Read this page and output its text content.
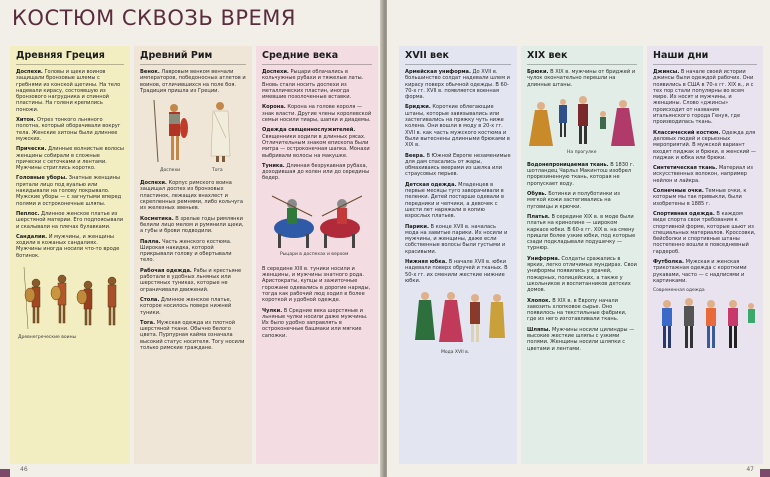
КОСТЮМ СКВОЗЬ ВРЕМЯ
Древняя Греция

Доспехи. Головы и щеки воинов защищали бронзовые шлемы с гребнями из конской щетины. На тело надевали кирасу, состоявшую из бронзового нагрудника и спинной пластины. На голени крепились поножи.

Хитон. Отрез тонкого льняного полотна, который оборачивали вокруг тела. Женские хитоны были длиннее мужских.

Прически. Длинные волнистые волосы женщины собирали в сложные прически с сеточками и лентами. Мужчины стриглись коротко.

Головные уборы. Знатные женщины прятали лицо под вуалью или накидывали на голову покрывало. Мужские уборы — с загнутыми вперед полями и остроконечные шляпы.

Пеплос. Длинное женское платье из шерстяной материи. Его подпоясывали и скалывали на плечах булавками.

Сандалии. И мужчины, и женщины ходили в кожаных сандалиях. Мужчины иногда носили что-то вроде ботинок.

Древнегреческие воины
Древний Рим

Венок. Лавровым венком венчали императоров, победоносных атлетов и воинов, отличившихся на поле боя. Традиция пришла из Греции.

Доспехи	Тога

Доспехи. Корпус римского воина защищал доспех из бронзовых пластинок, лежащих внахлест и скрепленных ремнями, либо кольчуга из железных звеньев.

Косметика. В зрелые годы римлянки белили лицо мелом и румянили щеки, а губы и брови подводили.

Палла. Часть женского костюма. Широкая накидка, которой прикрывали голову и обертывали тело.

Рабочая одежда. Рабы и крестьяне работали в удобных льняных или шерстяных туниках, которые не ограничивали движений.

Стола. Длинное женское платье, которое носилось поверх нижней туники.

Тога. Мужская одежда из плотной шерстяной ткани. Обычно белого цвета. Пурпурная кайма означала высокий статус носителя. Тогу носили только римские граждане.

Средние века

Доспехи. Рыцари облачались в кольчужные рубахи и тяжелые латы. Вновь стали носить доспехи из металлических пластин, иногда имевшие позолоченные вставки.

Корона. Корона на голове короля — знак власти. Другие члены королевской семьи носили тиары, шапки и диадемы.

Одежда священнослужителей. Священники ходили в длинных рясах. Отличительным знаком епископа были митра — остроконечная шапка. Монахи выбривали волосы на макушке.

Туника. Длинная безрукавная рубаха, доходившая до колен или до середины бедер.

Рыцари в доспехах и верхом

В середине XIII в. туники носили и женщины, и мужчины знатного рода. Аристократы, купцы и зажиточные горожане одевались в дорогие наряды, тогда как рабочий люд ходил в более короткой и удобной одежде.

Чулки. В Средние века шерстяные и льняные чулки носили даже мужчины. Их было удобно заправлять в остроконечные башмаки или мягкие сапожки.

46
XVII век

Армейская униформа. До XVII в. большинство солдат надевали шлем и кирасу поверх обычной одежды. В 60-70-х гг. XVII в. появляется военная форма.

Бриджи. Короткие облегающие штаны, которые завязывались или застегивались на пряжку чуть ниже колена. Они вошли в моду в 20-х гг. XVII в. как часть мужского костюма и были вытеснены длинными брюками в XIX в.

Веера. В Южной Европе незаменимые для дам спасались от жары, обмахиваясь веерами из шелка или страусовых перьев.

Детская одежда. Младенцев в первые месяцы туго заворачивали в пеленки. Детей постарше одевали в передники и чепчики, а девочек с шести лет наряжали в копию взрослых платьев.

Парики. В конце XVII в. началась мода на завитые парики. Их носили и мужчины, и женщины, даже если собственные волосы были густыми и красивыми.

Нижняя юбка. В начале XVII в. юбки надевали поверх обручей и тканых. В 50-х гг. их сменили жесткие нижние юбки.

Мода XVII в.
XIX век

Брюки. В XIX в. мужчины от бриджей и чулок окончательно перешли на длинные штаны.

На прогулке

Водонепроницаемая ткань. В 1830 г. шотландец Чарльз Макинтош изобрел прорезиненную ткань, которая не пропускает воду.

Обувь. Ботинки и полуботинки из мягкой кожи застегивались на пуговицы и крючки.

Платья. В середине XIX в. в моде были платья на кринолине — широком каркасе юбки. В 60-х гг. XIX в. на смену пришли более узкие юбки, под которые сзади подкладывали подушечку — турнюр.

Униформа. Солдаты сражались в ярких, легко отличимых мундирах. Свои униформы появились у врачей, пожарных, полицейских, а также у школьников и воспитанников детских домов.

Хлопок. В XIX в. в Европу начали завозить хлопковое сырье. Оно появилось на текстильные фабрики, где из него изготавливали ткань.

Шляпы. Мужчины носили цилиндры — высокие жесткие шляпы с узкими полями. Женщины носили шляпки с цветами и лентами.

Наши дни

Джинсы. В начале своей истории джинсы были одеждой рабочих. Они появились в США в 70-х гг. XIX в., и с тех пор стали популярны во всем мире. Их носят и мужчины, и женщины. Слово «джинсы» происходит от названия итальянского города Генуя, где производилась ткань.

Классический костюм. Одежда для деловых людей и серьезных мероприятий. В мужской вариант входят пиджак и брюки, в женский — пиджак и юбка или брюки.

Синтетическая ткань. Материал из искусственных волокон, например нейлон и лайкра.

Солнечные очки. Темные очки, к которым мы так привыкли, были изобретены в 1885 г.

Спортивная одежда. В каждом виде спорта свои требования к спортивной форме, которые шьют из специальных материалов. Кроссовки, бейсболки и спортивные штаны постепенно вошли в повседневный гардероб.

Футболка. Мужская и женская трикотажная одежда с короткими рукавами, часто — с надписями и картинками.

Современная одежда
47
